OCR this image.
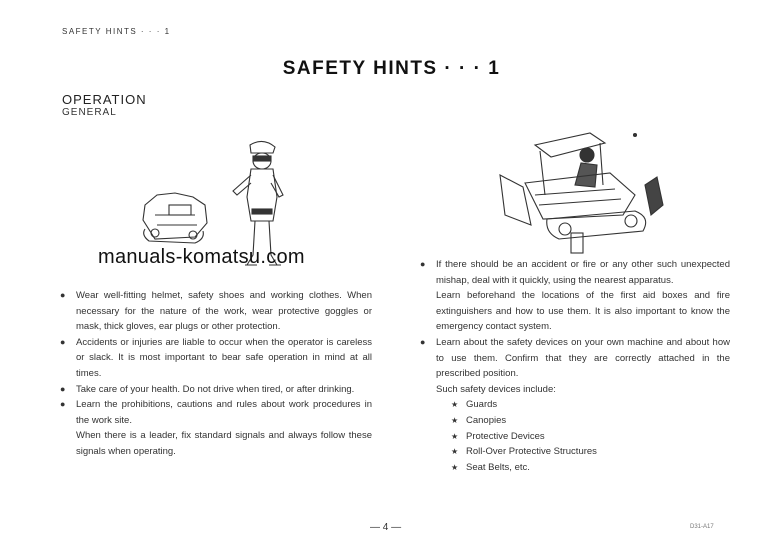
SAFETY HINTS · · · 1
SAFETY HINTS · · · 1
OPERATION
GENERAL
manuals-komatsu.com

● Wear well-fitting helmet, safety shoes and working clothes. When necessary for the nature of the work, wear protective goggles or mask, thick gloves, ear plugs or other protection.

● Accidents or injuries are liable to occur when the operator is careless or slack. It is most important to bear safe operation in mind at all times.

● Take care of your health. Do not drive when tired, or after drinking.

● Learn the prohibitions, cautions and rules about work procedures in the work site.

When there is a leader, fix standard signals and always follow these signals when operating.

● If there should be an accident or fire or any other such unexpected mishap, deal with it quickly, using the nearest apparatus.

Learn beforehand the locations of the first aid boxes and fire extinguishers and how to use them. It is also important to know the emergency contact system.

● Learn about the safety devices on your own machine and about how to use them. Confirm that they are correctly attached in the prescribed position.

Such safety devices include:
★ Guards
★ Canopies
★ Protective Devices
★ Roll-Over Protective Structures
★ Seat Belts, etc.
— 4 —	D31-A17
